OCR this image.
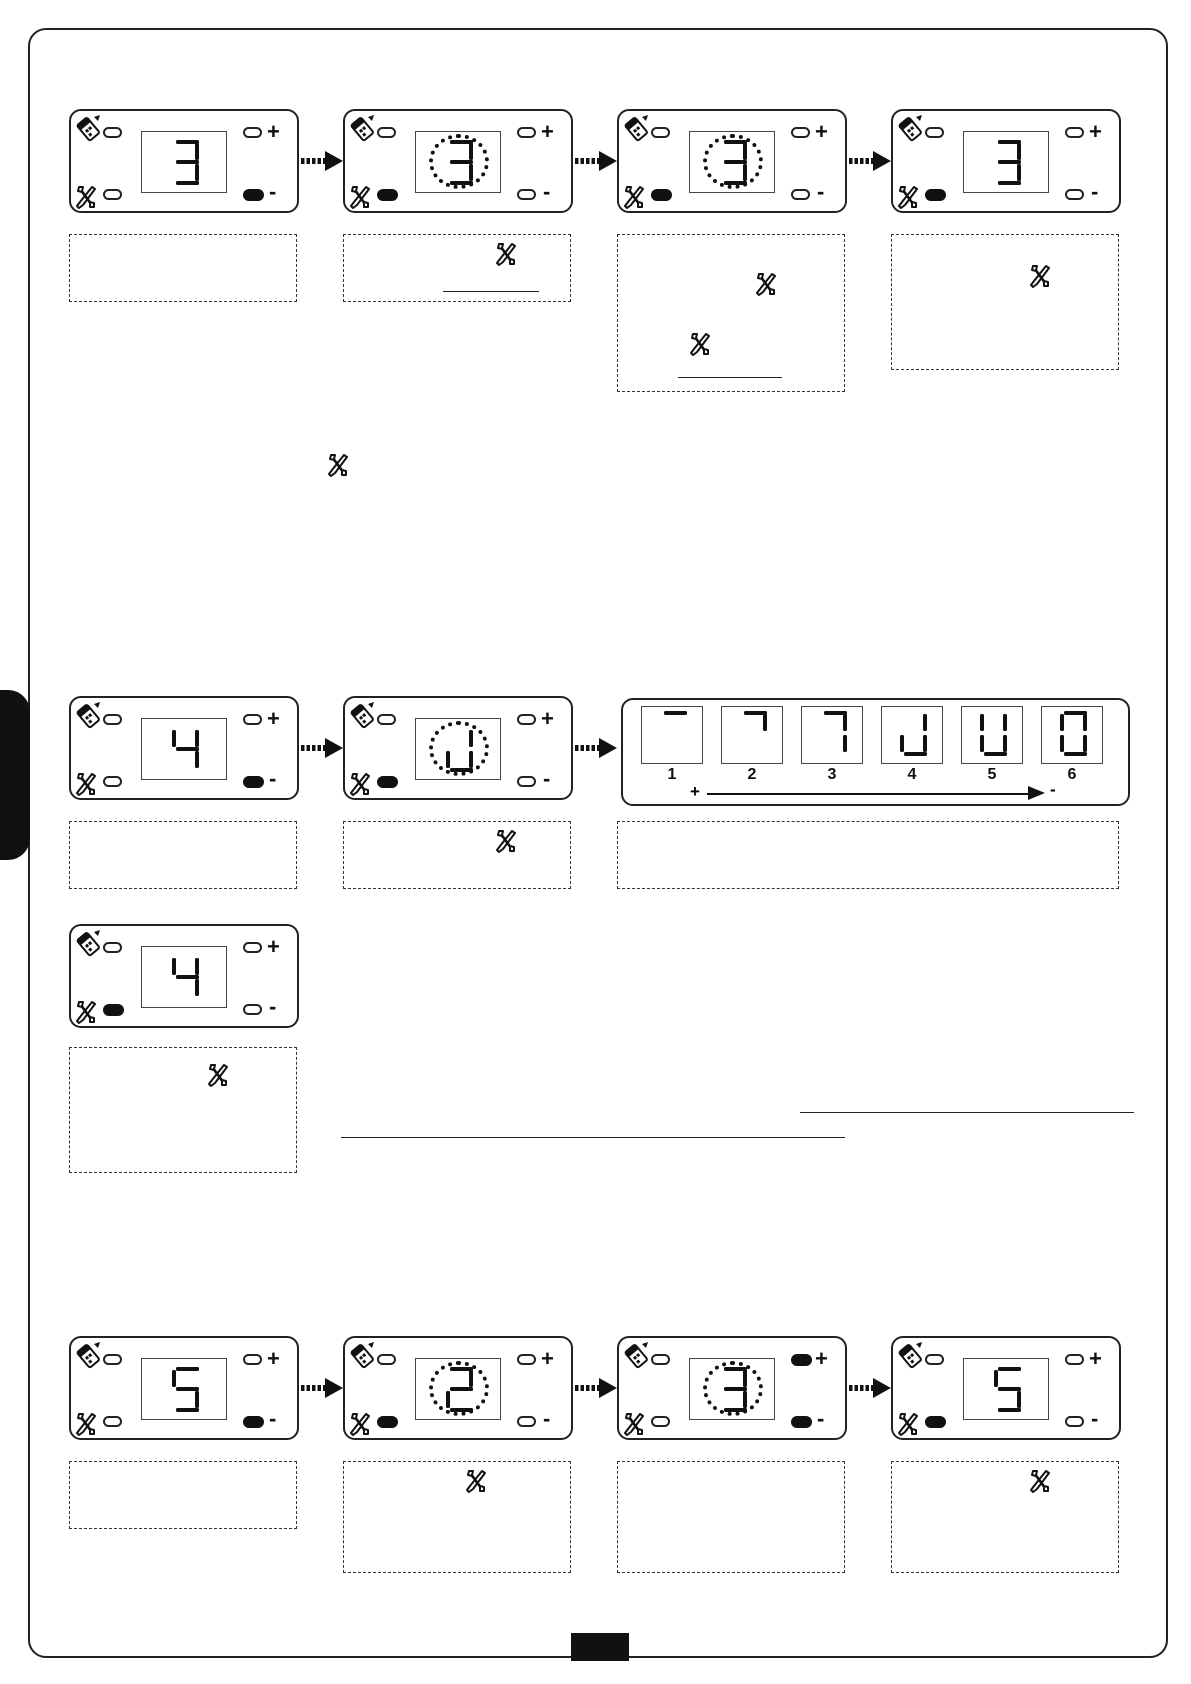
+
-
+
-
+
-
+
-
+
-
+
-
+	-
1	2	3	4	5	6
+
-
+
-
+
-
+
-
+
-
